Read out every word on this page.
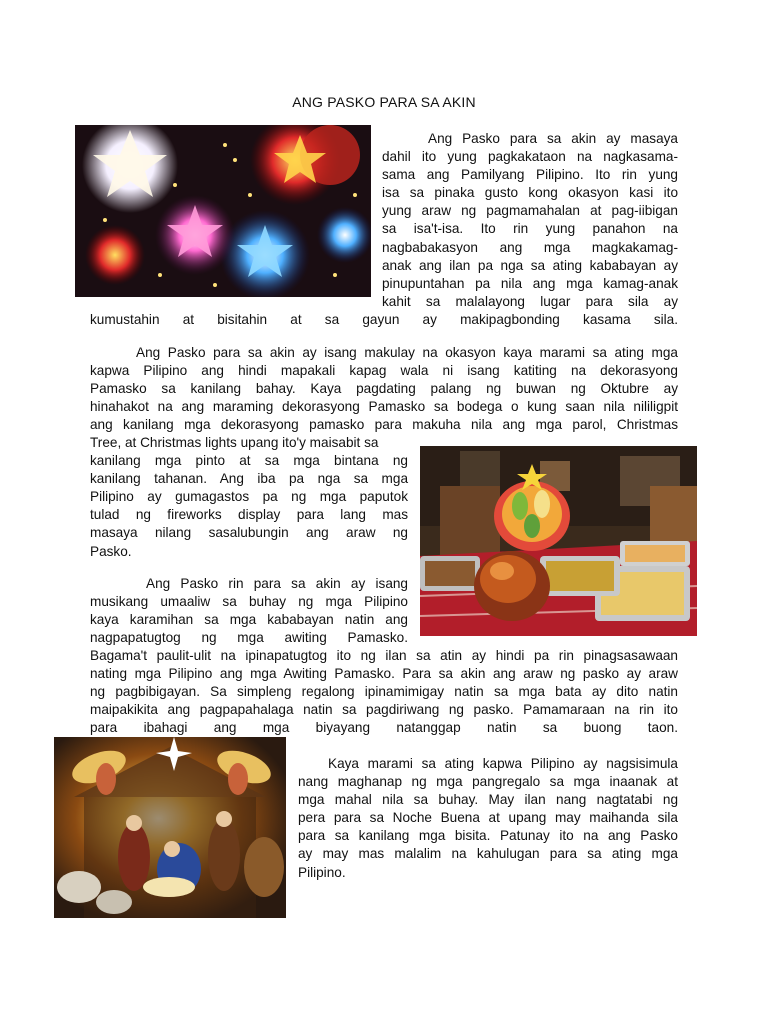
ANG PASKO PARA SA AKIN
Ang Pasko para sa akin ay masaya
dahil ito yung pagkakataon na nagkasama-
sama ang Pamilyang Pilipino. Ito rin yung
isa sa pinaka gusto kong okasyon kasi ito
yung araw ng pagmamahalan at pag-iibigan
sa isa't-isa. Ito rin yung panahon na
nagbabakasyon ang mga magkakamag-
anak ang ilan pa nga sa ating kababayan ay
pinupuntahan pa nila ang mga kamag-anak
kahit sa malalayong lugar para sila ay
kumustahin at bisitahin at sa gayun ay makipagbonding kasama sila.
Ang Pasko para sa akin ay isang makulay na okasyon kaya marami sa ating mga
kapwa Pilipino ang hindi mapakali kapag wala ni isang katiting na dekorasyong
Pamasko sa kanilang bahay. Kaya pagdating palang ng buwan ng Oktubre ay
hinahakot na ang maraming dekorasyong Pamasko sa bodega o kung saan nila nililigpit
ang kanilang mga dekorasyong pamasko para makuha nila ang mga parol, Christmas
Tree, at Christmas lights upang ito'y maisabit sa
kanilang mga pinto at sa mga bintana ng
kanilang tahanan. Ang iba pa nga sa mga
Pilipino ay gumagastos pa ng mga paputok
tulad ng fireworks display para lang mas
masaya nilang sasalubungin ang araw ng
Pasko.
Ang Pasko rin para sa akin ay isang
musikang umaaliw sa buhay ng mga Pilipino
kaya karamihan sa mga kababayan natin ang
nagpapatugtog ng mga awiting Pamasko.
Bagama't paulit-ulit na ipinapatugtog ito ng ilan sa atin ay hindi pa rin pinagsasawaan
nating mga Pilipino ang mga Awiting Pamasko. Para sa akin ang araw ng pasko ay araw
ng pagbibigayan. Sa simpleng regalong ipinamimigay natin sa mga bata ay dito natin
maipakikita ang pagpapahalaga natin sa pagdiriwang ng pasko. Pamamaraan na rin ito
para ibahagi ang mga biyayang natanggap natin sa buong taon.
Kaya marami sa ating kapwa Pilipino ay nagsisimula
nang maghanap ng mga pangregalo sa mga inaanak at
mga mahal nila sa buhay. May ilan nang nagtatabi ng
pera para sa Noche Buena at upang may maihanda sila
para sa kanilang mga bisita. Patunay ito na ang Pasko
ay may mas malalim na kahulugan para sa ating mga
Pilipino.
